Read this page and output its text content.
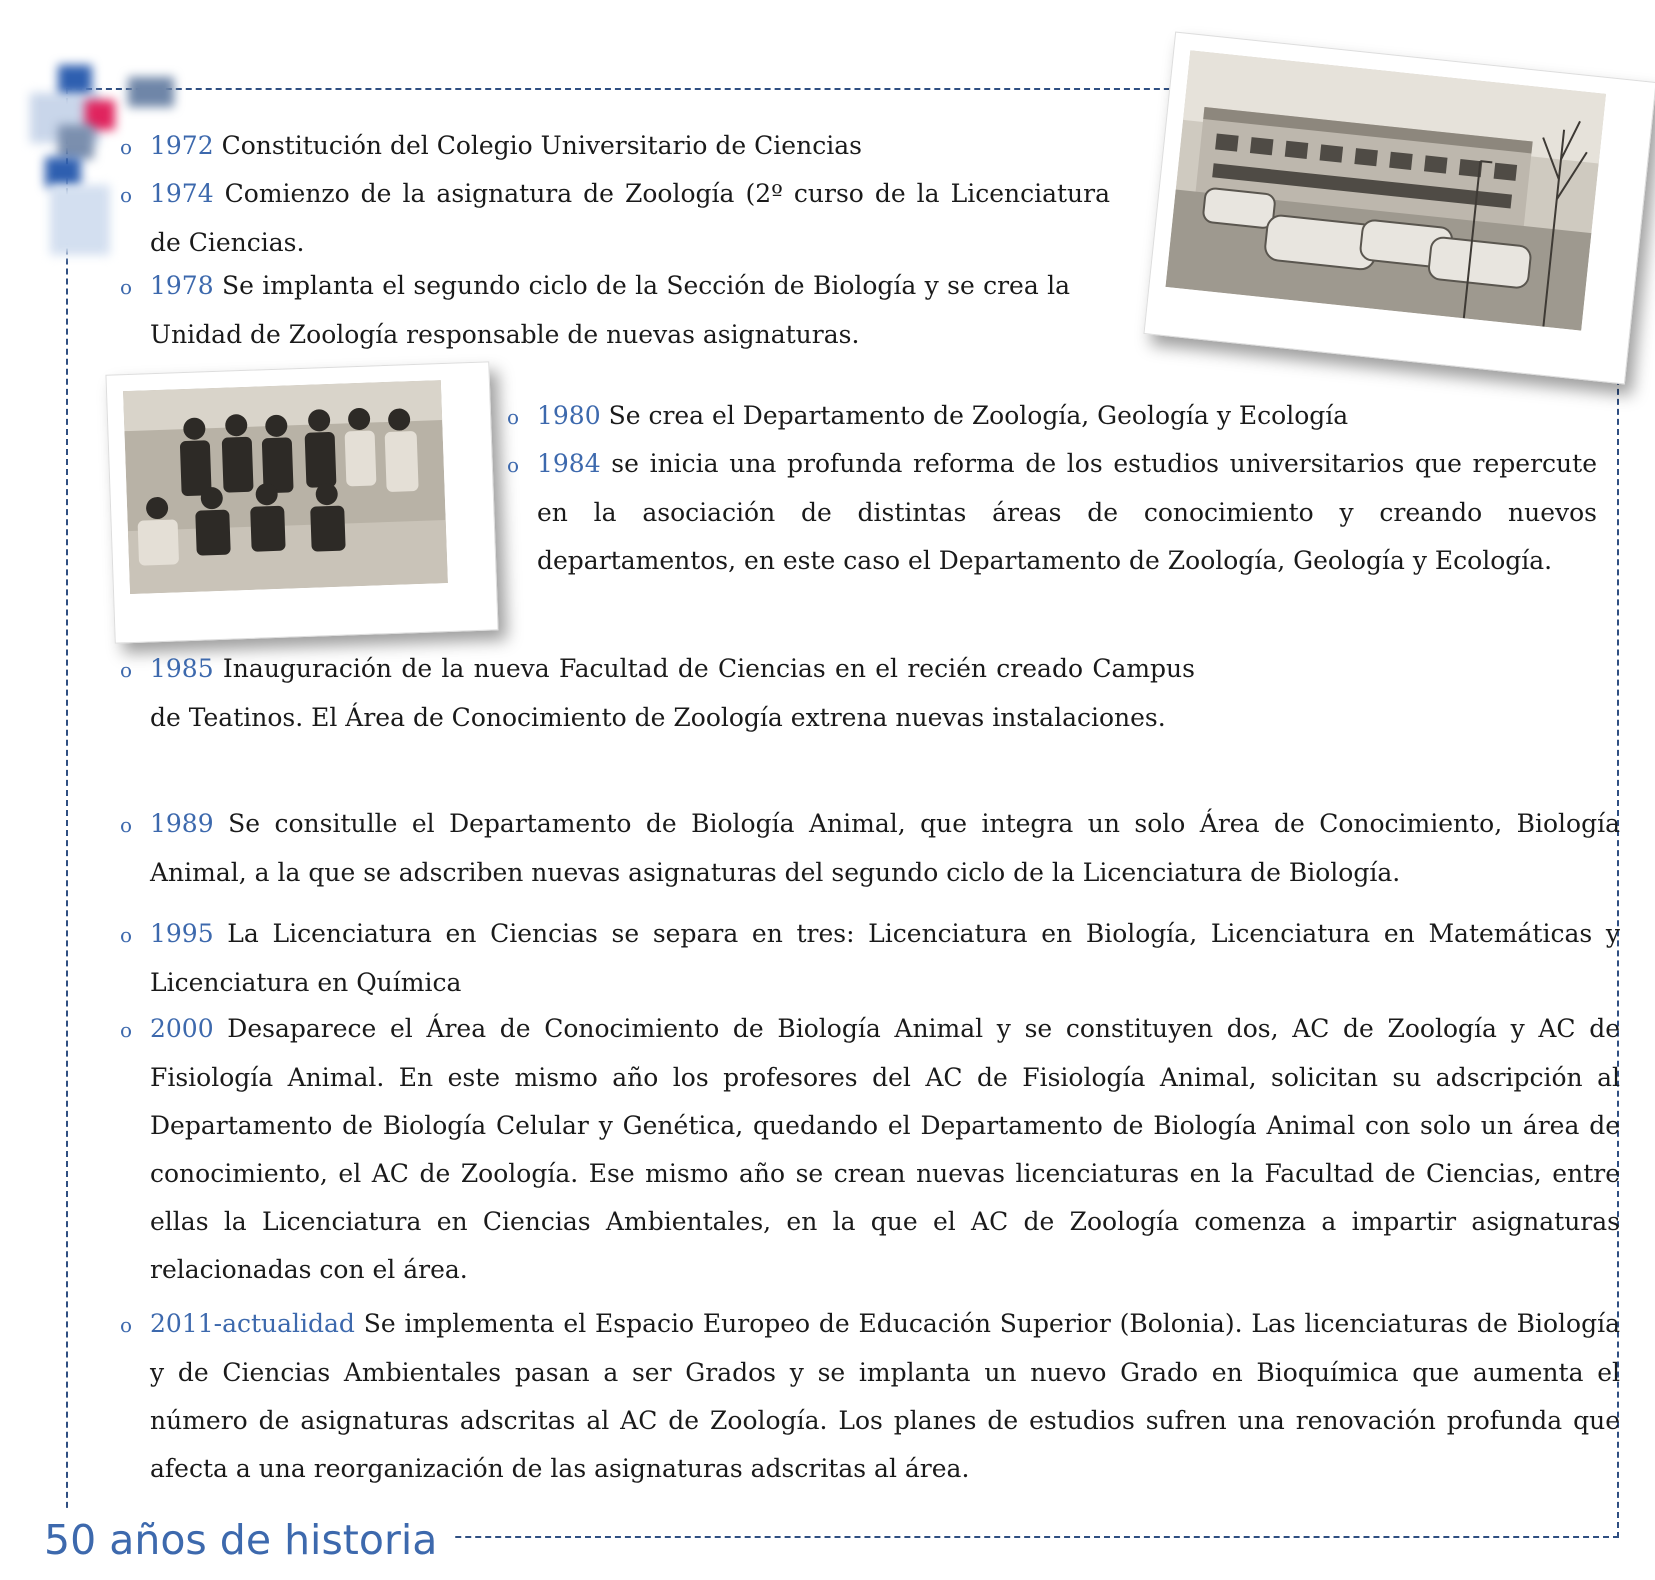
o 1972 Constitución del Colegio Universitario de Ciencias

o 1974 Comienzo de la asignatura de Zoología (2º curso de la Licenciatura de Ciencias.

o 1978 Se implanta el segundo ciclo de la Sección de Biología y se crea la Unidad de Zoología responsable de nuevas asignaturas.

o 1980 Se crea el Departamento de Zoología, Geología y Ecología

o 1984 se inicia una profunda reforma de los estudios universitarios que repercute en la asociación de distintas áreas de conocimiento y creando nuevos departamentos, en este caso el Departamento de Zoología, Geología y Ecología.

o 1985 Inauguración de la nueva Facultad de Ciencias en el recién creado Campus de Teatinos. El Área de Conocimiento de Zoología extrena nuevas instalaciones.

o 1989 Se consitulle el Departamento de Biología Animal, que integra un solo Área de Conocimiento, Biología Animal, a la que se adscriben nuevas asignaturas del segundo ciclo de la Licenciatura de Biología.

o 1995 La Licenciatura en Ciencias se separa en tres: Licenciatura en Biología, Licenciatura en Matemáticas y Licenciatura en Química

o 2000 Desaparece el Área de Conocimiento de Biología Animal y se constituyen dos, AC de Zoología y AC de Fisiología Animal. En este mismo año los profesores del AC de Fisiología Animal, solicitan su adscripción al Departamento de Biología Celular y Genética, quedando el Departamento de Biología Animal con solo un área de conocimiento, el AC de Zoología. Ese mismo año se crean nuevas licenciaturas en la Facultad de Ciencias, entre ellas la Licenciatura en Ciencias Ambientales, en la que el AC de Zoología comenza a impartir asignaturas relacionadas con el área.

o 2011-actualidad Se implementa el Espacio Europeo de Educación Superior (Bolonia). Las licenciaturas de Biología y de Ciencias Ambientales pasan a ser Grados y se implanta un nuevo Grado en Bioquímica que aumenta el número de asignaturas adscritas al AC de Zoología. Los planes de estudios sufren una renovación profunda que afecta a una reorganización de las asignaturas adscritas al área.

50 años de historia
